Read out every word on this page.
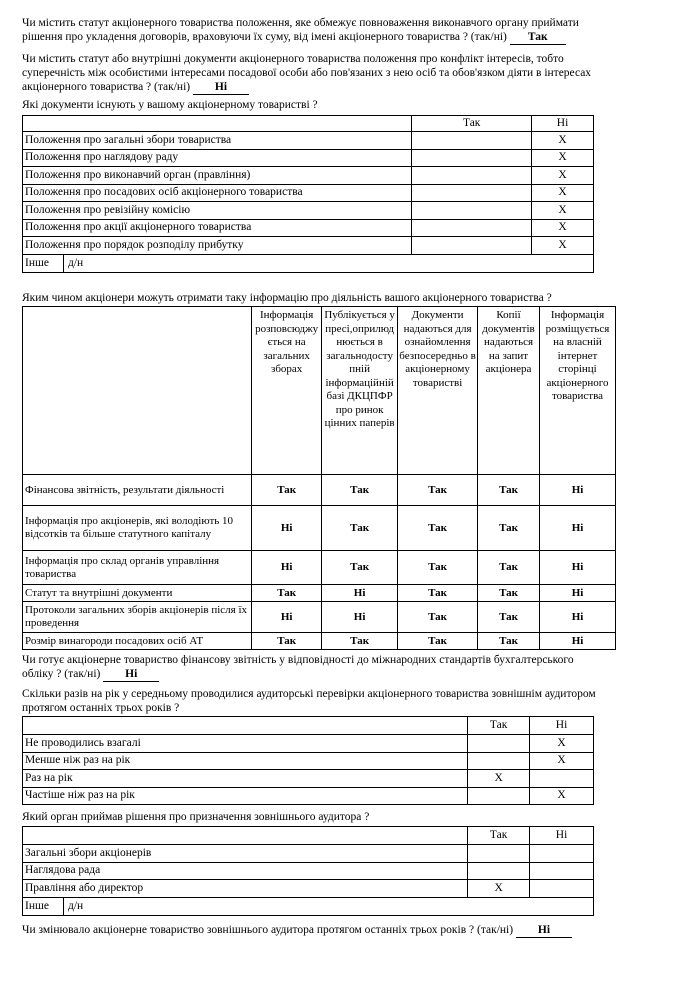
Чи містить статут акціонерного товариства положення, яке обмежує повноваження виконавчого органу приймати рішення про укладення договорів, враховуючи їх суму, від імені акціонерного товариства ? (так/ні) Так

Чи містить статут або внутрішні документи акціонерного товариства положення про конфлікт інтересів, тобто суперечність між особистими інтересами посадової особи або пов'язаних з нею осіб та обов'язком діяти в інтересах акціонерного товариства ? (так/ні) Ні

Які документи існують у вашому акціонерному товаристві ?

	Так	Ні
Положення про загальні збори товариства		X
Положення про наглядову раду		X
Положення про виконавчий орган (правління)		X
Положення про посадових осіб акціонерного товариства		X
Положення про ревізійну комісію		X
Положення про акції акціонерного товариства		X
Положення про порядок розподілу прибутку		X
Інше д/н		

Яким чином акціонери можуть отримати таку інформацію про діяльність вашого акціонерного товариства ?

	Інформація розповсюджу ється на загальних зборах	Публікується у пресі,оприлюд нюється в загальнодосту пній інформаційній базі ДКЦПФР про ринок цінних паперів	Документи надаються для ознайомлення безпосередньо в акціонерному товаристві	Копії документів надаються на запит акціонера	Інформація розміщується на власній інтернет сторінці акціонерного товариства
Фінансова звітність, результати діяльності	Так	Так	Так	Так	Ні
Інформація про акціонерів, які володіють 10 відсотків та більше статутного капіталу	Ні	Так	Так	Так	Ні
Інформація про склад органів управління товариства	Ні	Так	Так	Так	Ні
Статут та внутрішні документи	Так	Ні	Так	Так	Ні
Протоколи загальних зборів акціонерів після їх проведення	Ні	Ні	Так	Так	Ні
Розмір винагороди посадових осіб АТ	Так	Так	Так	Так	Ні

Чи готує акціонерне товариство фінансову звітність у відповідності до міжнародних стандартів бухгалтерського обліку ? (так/ні) Ні

Скільки разів на рік у середньому проводилися аудиторські перевірки акціонерного товариства зовнішнім аудитором протягом останніх трьох років ?

	Так	Ні
Не проводились взагалі		X
Менше ніж раз на рік		X
Раз на рік	X	
Частіше ніж раз на рік		X

Який орган приймав рішення про призначення зовнішнього аудитора ?

	Так	Ні
Загальні збори акціонерів		
Наглядова рада		
Правління або директор	X	
Інше д/н		

Чи змінювало акціонерне товариство зовнішнього аудитора протягом останніх трьох років ? (так/ні) Ні
